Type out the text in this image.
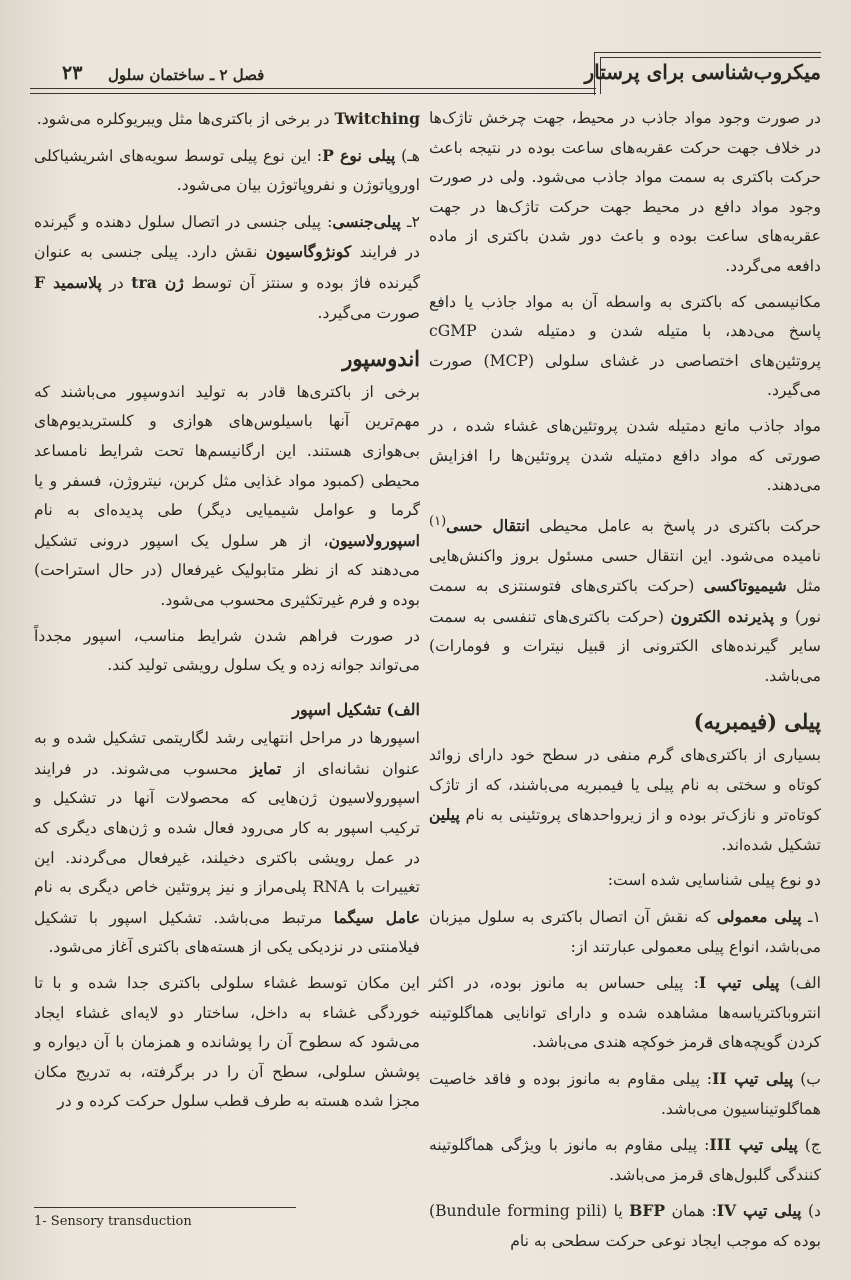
میکروب‌شناسی برای پرستار
فصل ۲ ـ ساختمان سلول
۲۳

در صورت وجود مواد جاذب در محیط، جهت چرخش تاژک‌ها در خلاف جهت حرکت عقربه‌های ساعت بوده در نتیجه باعث حرکت باکتری به سمت مواد جاذب می‌شود. ولی در صورت وجود مواد دافع در محیط جهت حرکت تاژک‌ها در جهت عقربه‌های ساعت بوده و باعث دور شدن باکتری از ماده دافعه می‌گردد.

مکانیسمی که باکتری به واسطه آن به مواد جاذب یا دافع پاسخ می‌دهد، با متیله شدن و دمتیله شدن cGMP پروتئین‌های اختصاصی در غشای سلولی (MCP) صورت می‌گیرد.

مواد جاذب مانع دمتیله شدن پروتئین‌های غشاء شده ، در صورتی که مواد دافع دمتیله شدن پروتئین‌ها را افزایش می‌دهند.

حرکت باکتری در پاسخ به عامل محیطی انتقال حسی$^{(۱)}$ نامیده می‌شود. این انتقال حسی مسئول بروز واکنش‌هایی مثل شیمیوتاکسی (حرکت باکتری‌های فتوسنتزی به سمت نور) و پذیرنده الکترون (حرکت باکتری‌های تنفسی به سمت سایر گیرنده‌های الکترونی از قبیل نیترات و فومارات) می‌باشد.

پیلی (فیمبریه)

بسیاری از باکتری‌های گرم منفی در سطح خود دارای زوائد کوتاه و سختی به نام پیلی یا فیمبریه می‌باشند، که از تاژک کوتاه‌تر و نازک‌تر بوده و از زیرواحدهای پروتئینی به نام پیلین تشکیل شده‌اند.

دو نوع پیلی شناسایی شده است:

۱ـ پیلی معمولی که نقش آن اتصال باکتری به سلول میزبان می‌باشد، انواع پیلی معمولی عبارتند از:

الف) پیلی تیپ I: پیلی حساس به مانوز بوده، در اکثر انتروباکتریاسه‌ها مشاهده شده و دارای توانایی هماگلوتینه کردن گویچه‌های قرمز خوکچه هندی می‌باشد.

ب) پیلی تیپ II: پیلی مقاوم به مانوز بوده و فاقد خاصیت هماگلوتیناسیون می‌باشد.

ج) پیلی تیپ III: پیلی مقاوم به مانوز با ویژگی هماگلوتینه کنندگی گلبول‌های قرمز می‌باشد.

د) پیلی تیپ IV: همان BFP یا (Bundule forming pili) بوده که موجب ایجاد نوعی حرکت سطحی به نام

Twitching در برخی از باکتری‌ها مثل ویبریوکلره می‌شود.

هـ) پیلی نوع P: این نوع پیلی توسط سویه‌های اشریشیاکلی اوروپاتوژن و نفروپاتوژن بیان می‌شود.

۲ـ پیلی‌جنسی: پیلی جنسی در اتصال سلول دهنده و گیرنده در فرایند کونژوگاسیون نقش دارد. پیلی جنسی به عنوان گیرنده فاژ بوده و سنتز آن توسط ژن tra در پلاسمید F صورت می‌گیرد.

اندوسپور

برخی از باکتری‌ها قادر به تولید اندوسپور می‌باشند که مهم‌ترین آنها باسیلوس‌های هوازی و کلستریدیوم‌های بی‌هوازی هستند. این ارگانیسم‌ها تحت شرایط نامساعد محیطی (کمبود مواد غذایی مثل کربن، نیتروژن، فسفر و یا گرما و عوامل شیمیایی دیگر) طی پدیده‌ای به نام اسپورولاسیون، از هر سلول یک اسپور درونی تشکیل می‌دهند که از نظر متابولیک غیرفعال (در حال استراحت) بوده و فرم غیرتکثیری محسوب می‌شود.

در صورت فراهم شدن شرایط مناسب، اسپور مجدداً می‌تواند جوانه زده و یک سلول رویشی تولید کند.

الف) تشکیل اسپور

اسپورها در مراحل انتهایی رشد لگاریتمی تشکیل شده و به عنوان نشانه‌ای از تمایز محسوب می‌شوند. در فرایند اسپورولاسیون ژن‌هایی که محصولات آنها در تشکیل و ترکیب اسپور به کار می‌رود فعال شده و ژن‌های دیگری که در عمل رویشی باکتری دخیلند، غیرفعال می‌گردند. این تغییرات با RNA پلی‌مراز و نیز پروتئین خاص دیگری به نام عامل سیگما مرتبط می‌باشد. تشکیل اسپور با تشکیل فیلامنتی در نزدیکی یکی از هسته‌های باکتری آغاز می‌شود.

این مکان توسط غشاء سلولی باکتری جدا شده و با تا خوردگی غشاء به داخل، ساختار دو لایه‌ای غشاء ایجاد می‌شود که سطوح آن را پوشانده و همزمان با آن دیواره و پوشش سلولی، سطح آن را در برگرفته، به تدریج مکان مجزا شده هسته به طرف قطب سلول حرکت کرده و در

1- Sensory transduction
